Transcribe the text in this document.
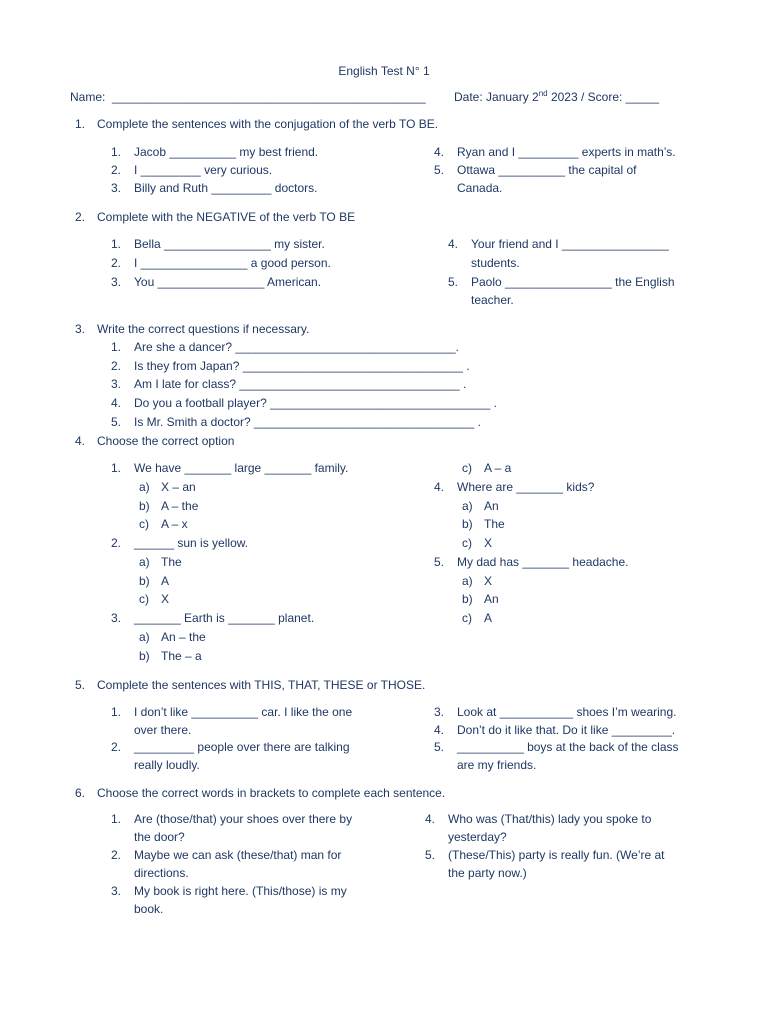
English Test N° 1
Name: _______________________________________________ Date: January 2nd 2023 / Score: _____
1. Complete the sentences with the conjugation of the verb TO BE.
1. Jacob __________ my best friend.
2. I _________ very curious.
3. Billy and Ruth _________ doctors.
4. Ryan and I _________ experts in math’s.
5. Ottawa __________ the capital of
Canada.
2. Complete with the NEGATIVE of the verb TO BE
1. Bella ________________ my sister.
2. I ________________ a good person.
3. You ________________ American.
4. Your friend and I ________________
students.
5. Paolo ________________ the English
teacher.
3. Write the correct questions if necessary.
1. Are she a dancer? _________________________________.
2. Is they from Japan? _________________________________ .
3. Am I late for class? _________________________________ .
4. Do you a football player? _________________________________ .
5. Is Mr. Smith a doctor? _________________________________ .
4. Choose the correct option
1. We have _______ large _______ family.
a) X – an
b) A – the
c) A – x
2. ______ sun is yellow.
a) The
b) A
c) X
3. _______ Earth is _______ planet.
a) An – the
b) The – a
c) A – a
4. Where are _______ kids?
a) An
b) The
c) X
5. My dad has _______ headache.
a) X
b) An
c) A
5. Complete the sentences with THIS, THAT, THESE or THOSE.
1. I don’t like __________ car. I like the one
over there.
2. _________ people over there are talking
really loudly.
3. Look at ___________ shoes I’m wearing.
4. Don’t do it like that. Do it like _________.
5. __________ boys at the back of the class
are my friends.
6. Choose the correct words in brackets to complete each sentence.
1. Are (those/that) your shoes over there by
the door?
2. Maybe we can ask (these/that) man for
directions.
3. My book is right here. (This/those) is my
book.
4. Who was (That/this) lady you spoke to
yesterday?
5. (These/This) party is really fun. (We’re at
the party now.)
